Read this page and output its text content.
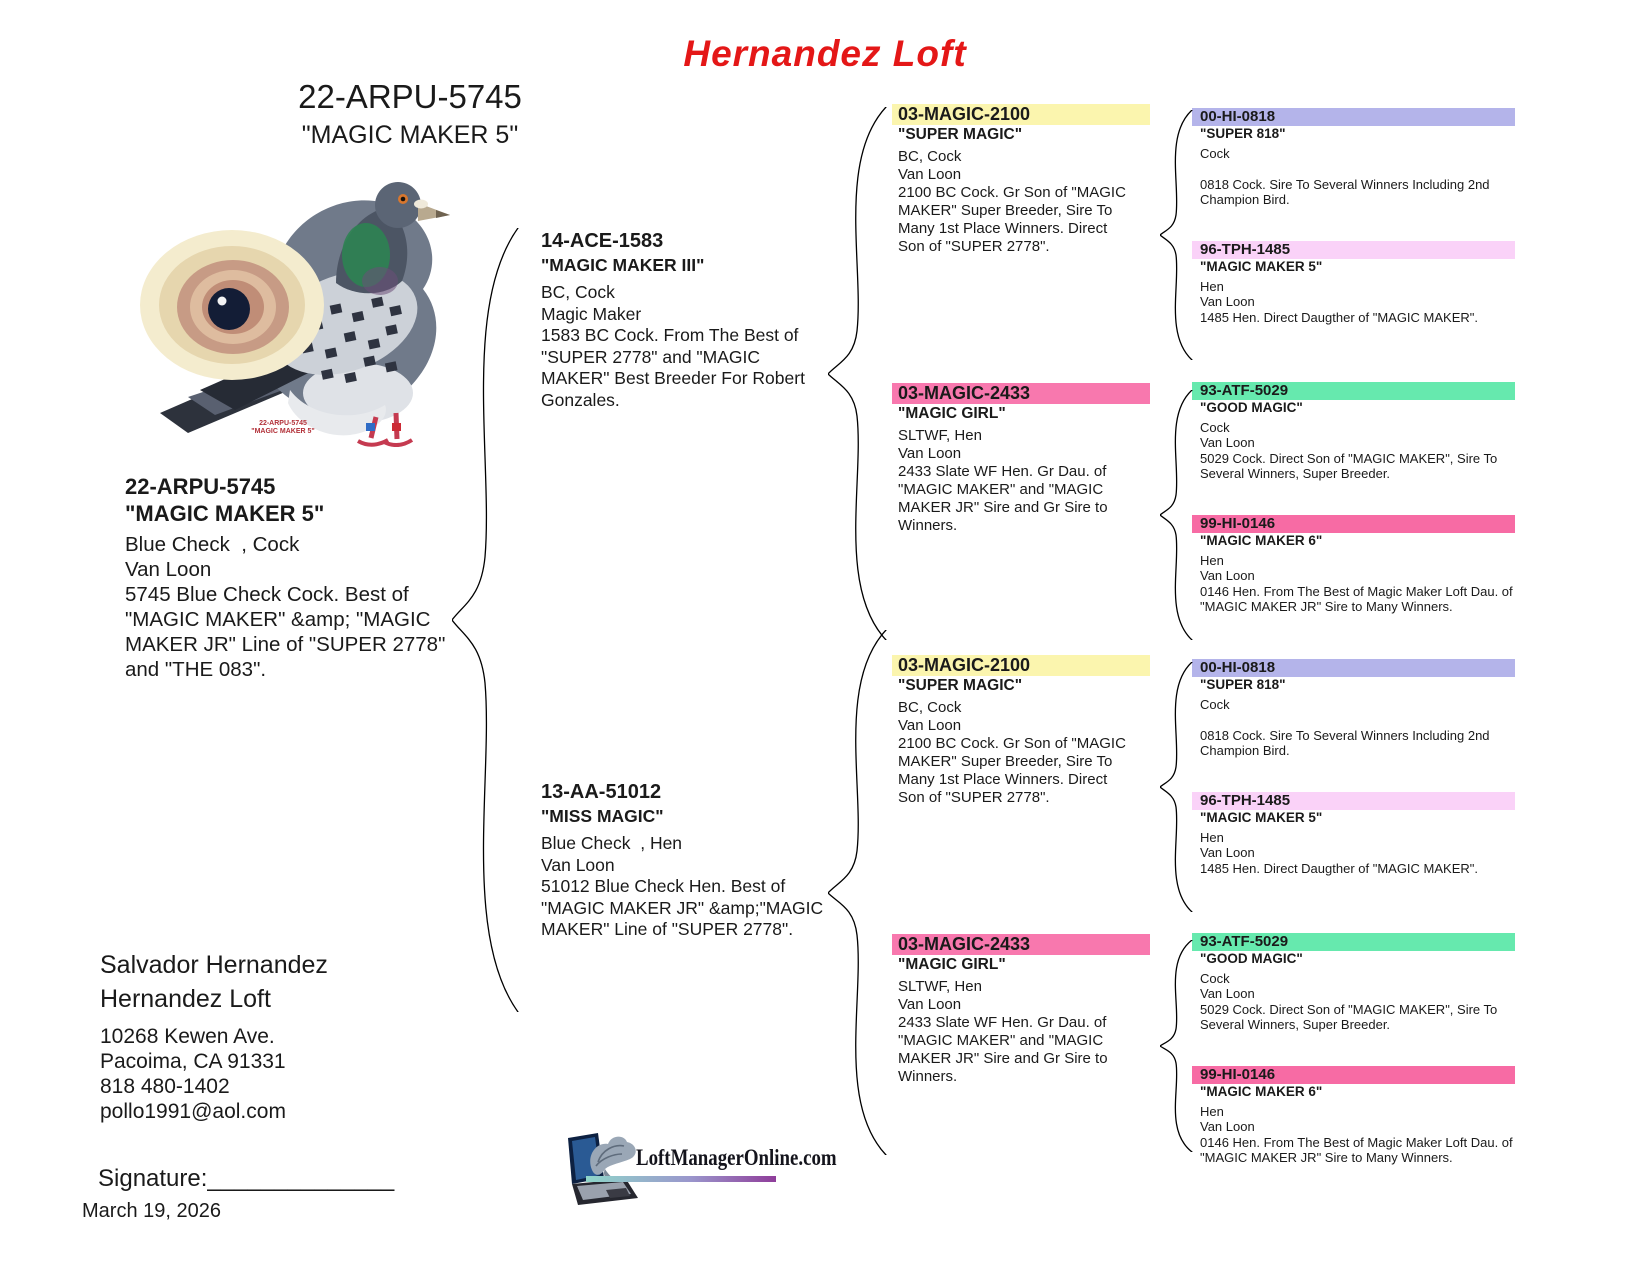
Hernandez Loft
22-ARPU-5745
"MAGIC MAKER 5"
22-ARPU-5745
"MAGIC MAKER 5"
22-ARPU-5745
"MAGIC MAKER 5"
Blue Check  , Cock
Van Loon
5745 Blue Check Cock. Best of "MAGIC MAKER" &amp; "MAGIC MAKER JR" Line of "SUPER 2778" and "THE 083".
14-ACE-1583
"MAGIC MAKER III"
BC, Cock
Magic Maker
1583 BC Cock. From The Best of "SUPER 2778" and "MAGIC MAKER" Best Breeder For Robert Gonzales.
13-AA-51012
"MISS MAGIC"
Blue Check  , Hen
Van Loon
51012 Blue Check Hen. Best of "MAGIC MAKER JR" &amp;"MAGIC MAKER" Line of "SUPER 2778".
03-MAGIC-2100
"SUPER MAGIC"
BC, Cock
Van Loon
2100 BC Cock. Gr Son of "MAGIC MAKER" Super Breeder, Sire To Many 1st Place Winners. Direct Son of "SUPER 2778".
03-MAGIC-2433
"MAGIC GIRL"
SLTWF, Hen
Van Loon
2433 Slate WF Hen. Gr Dau. of "MAGIC MAKER" and "MAGIC MAKER JR" Sire and Gr Sire to Winners.
03-MAGIC-2100
"SUPER MAGIC"
BC, Cock
Van Loon
2100 BC Cock. Gr Son of "MAGIC MAKER" Super Breeder, Sire To Many 1st Place Winners. Direct Son of "SUPER 2778".
03-MAGIC-2433
"MAGIC GIRL"
SLTWF, Hen
Van Loon
2433 Slate WF Hen. Gr Dau. of "MAGIC MAKER" and "MAGIC MAKER JR" Sire and Gr Sire to Winners.
00-HI-0818
"SUPER 818"
Cock
0818 Cock. Sire To Several Winners Including 2nd Champion Bird.
96-TPH-1485
"MAGIC MAKER 5"
Hen
Van Loon
1485 Hen. Direct Daugther of "MAGIC MAKER".
93-ATF-5029
"GOOD MAGIC"
Cock
Van Loon
5029 Cock. Direct Son of "MAGIC MAKER", Sire To Several Winners, Super Breeder.
99-HI-0146
"MAGIC MAKER 6"
Hen
Van Loon
0146 Hen. From The Best of Magic Maker Loft Dau. of "MAGIC MAKER JR" Sire to Many Winners.
00-HI-0818
"SUPER 818"
Cock
0818 Cock. Sire To Several Winners Including 2nd Champion Bird.
96-TPH-1485
"MAGIC MAKER 5"
Hen
Van Loon
1485 Hen. Direct Daugther of "MAGIC MAKER".
93-ATF-5029
"GOOD MAGIC"
Cock
Van Loon
5029 Cock. Direct Son of "MAGIC MAKER", Sire To Several Winners, Super Breeder.
99-HI-0146
"MAGIC MAKER 6"
Hen
Van Loon
0146 Hen. From The Best of Magic Maker Loft Dau. of "MAGIC MAKER JR" Sire to Many Winners.
Salvador Hernandez
Hernandez Loft
10268 Kewen Ave.
Pacoima, CA 91331
818 480-1402
pollo1991@aol.com
Signature:______________
March 19, 2026
LoftManagerOnline.com
